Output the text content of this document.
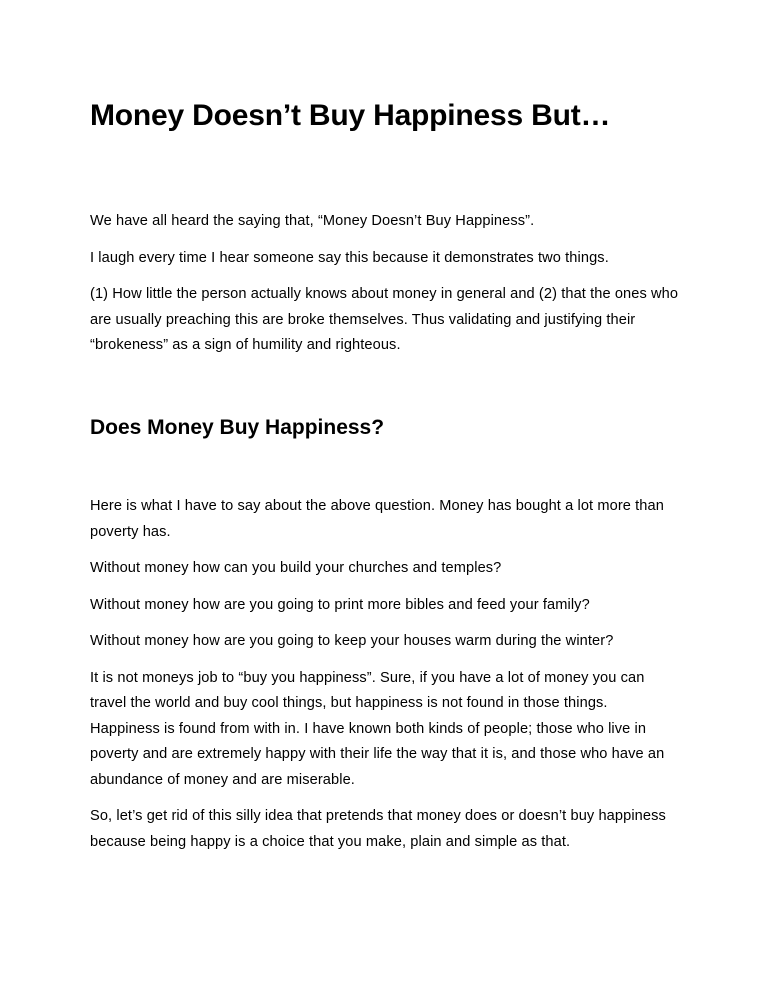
Money Doesn’t Buy Happiness But…

We have all heard the saying that, “Money Doesn’t Buy Happiness”.

I laugh every time I hear someone say this because it demonstrates two things.

(1) How little the person actually knows about money in general and (2) that the ones who are usually preaching this are broke themselves. Thus validating and justifying their “brokeness” as a sign of humility and righteous.

Does Money Buy Happiness?

Here is what I have to say about the above question. Money has bought a lot more than poverty has.

Without money how can you build your churches and temples?

Without money how are you going to print more bibles and feed your family?

Without money how are you going to keep your houses warm during the winter?

It is not moneys job to “buy you happiness”. Sure, if you have a lot of money you can travel the world and buy cool things, but happiness is not found in those things. Happiness is found from with in. I have known both kinds of people; those who live in poverty and are extremely happy with their life the way that it is, and those who have an abundance of money and are miserable.

So, let’s get rid of this silly idea that pretends that money does or doesn’t buy happiness because being happy is a choice that you make, plain and simple as that.
